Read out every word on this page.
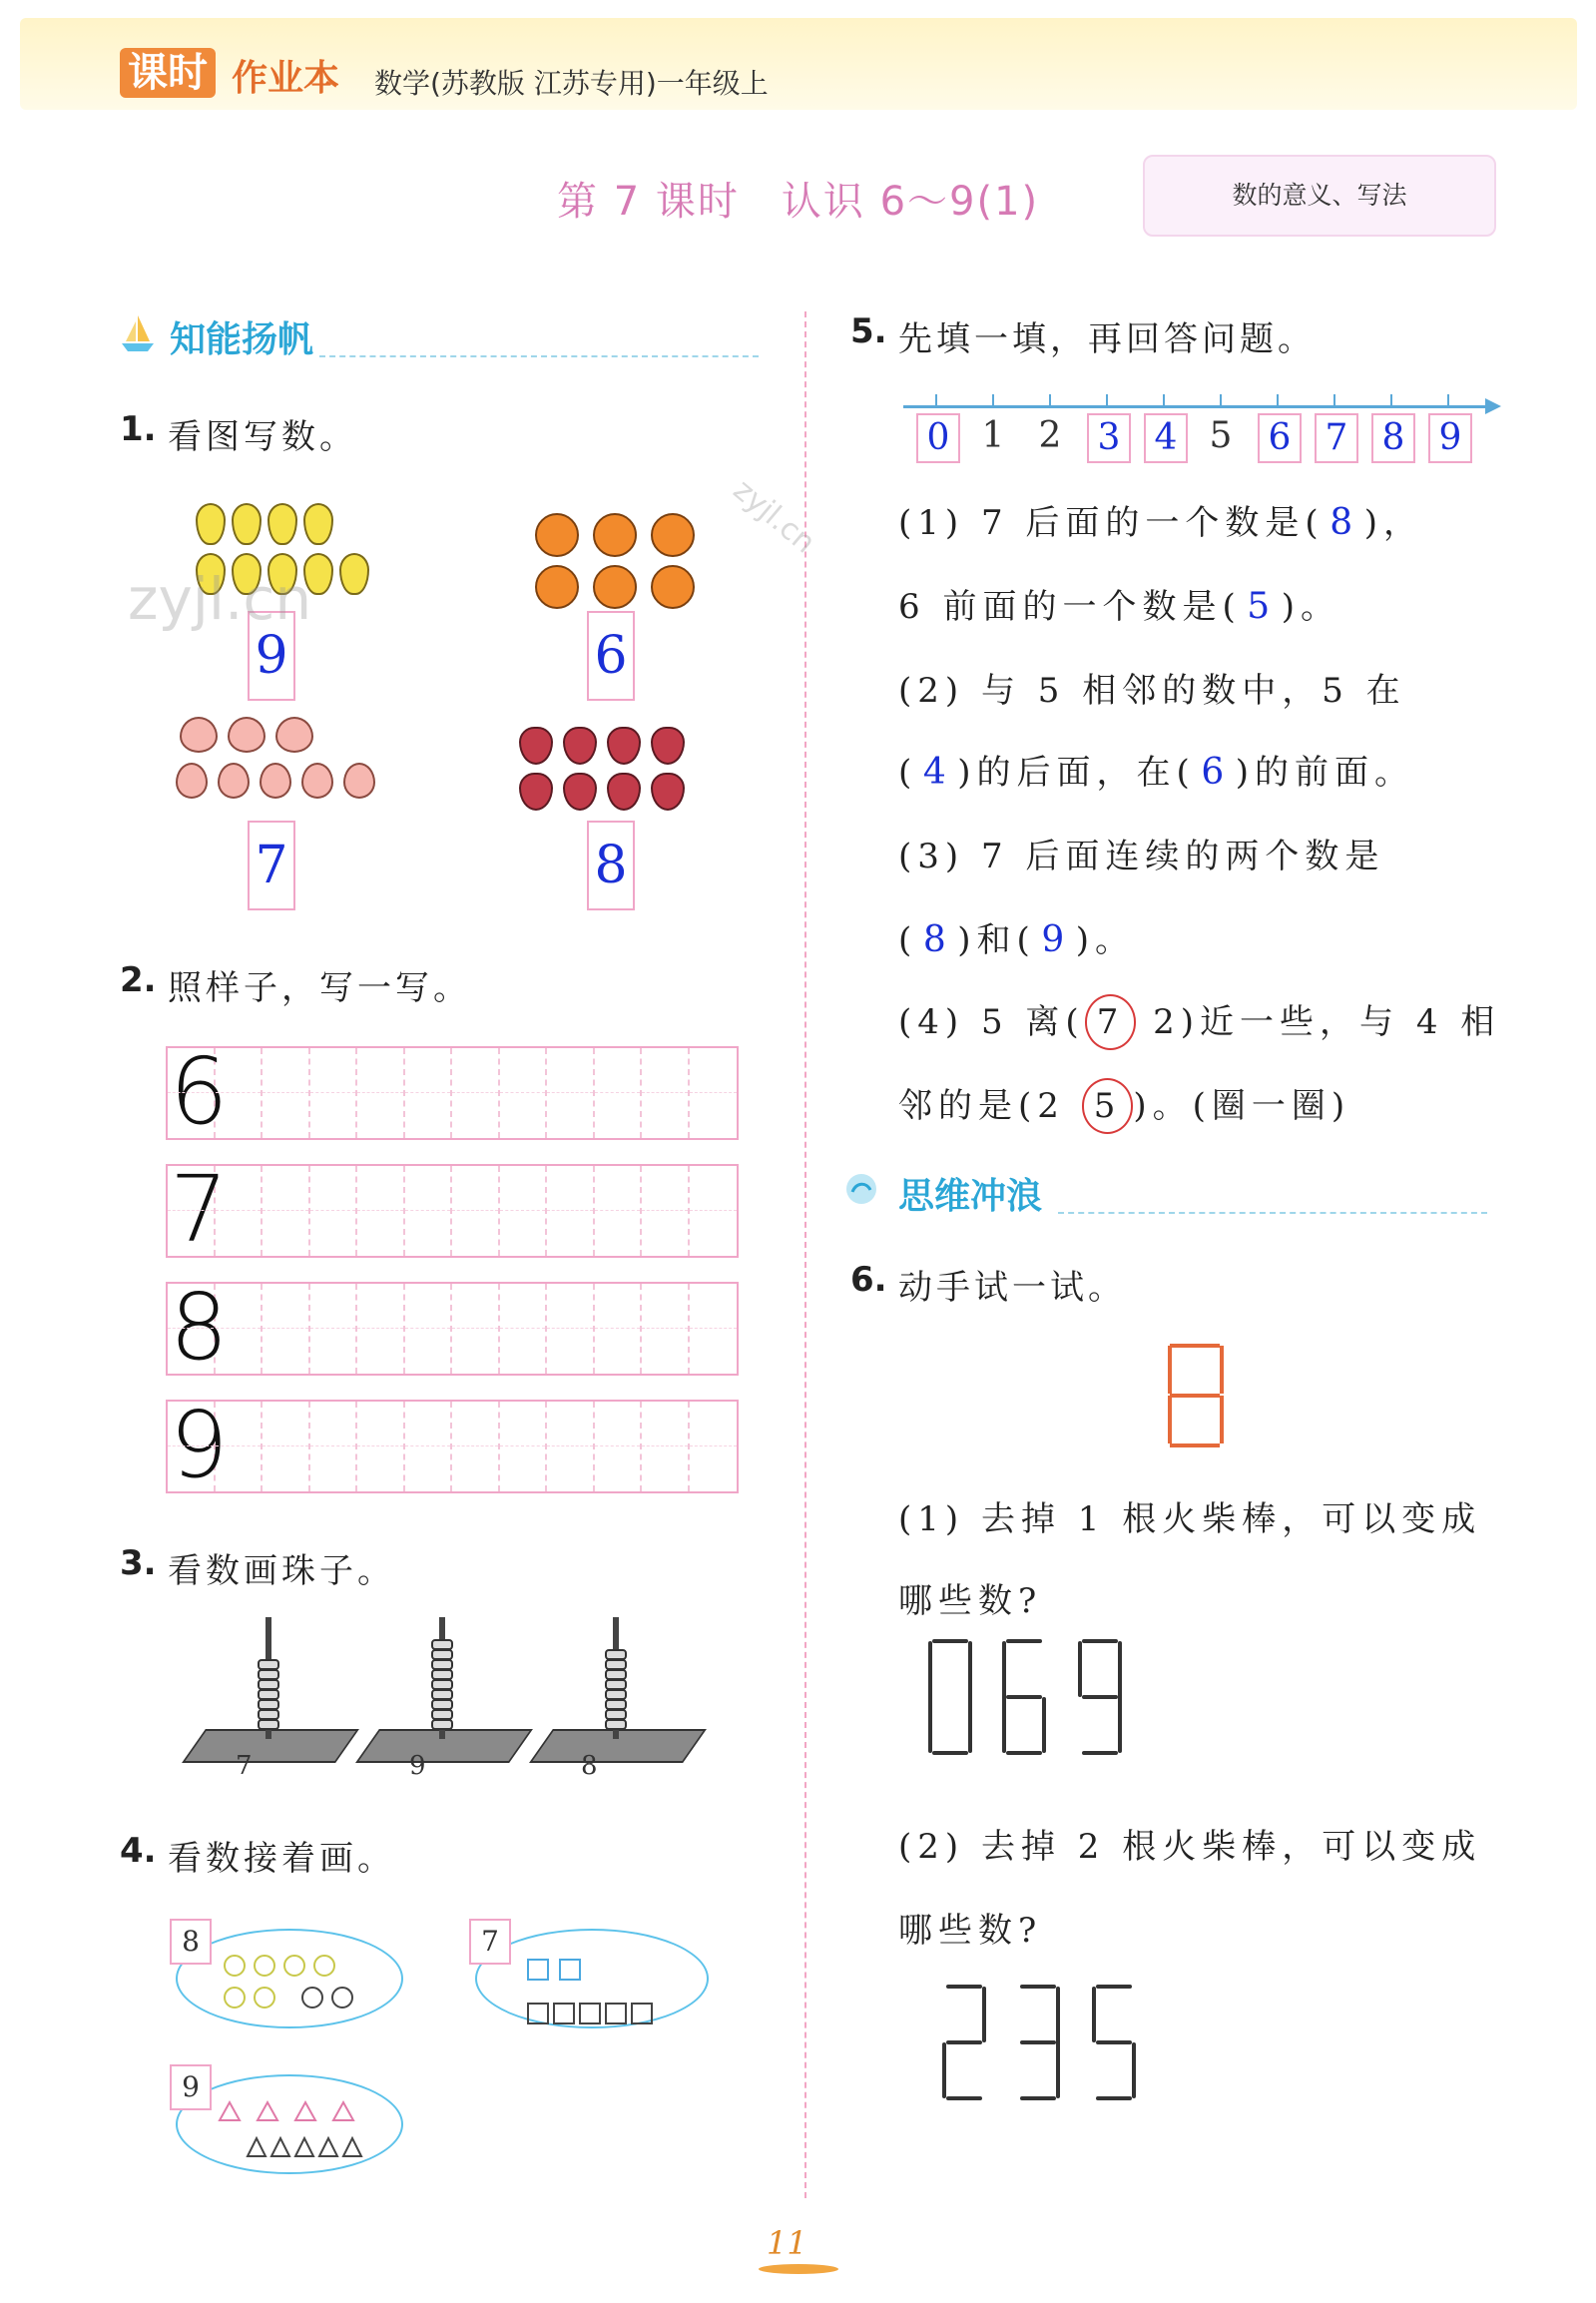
课时 作业本 数学(苏教版 江苏专用)一年级上
第 7 课时　认识 6～9(1)	数的意义、写法
知能扬帆
1. 看图写数。
9	6
7	8
zyjl.cn
zyjl.cn
2. 照样子，写一写。
6
7
8
9
3. 看数画珠子。
7	9	8
4. 看数接着画。
8	7
9
5. 先填一填，再回答问题。
0 1 2 3 4 5 6 7 8 9
(1) 7 后面的一个数是( 8 )，
6 前面的一个数是( 5 )。
(2) 与 5 相邻的数中，5 在
( 4 )的后面，在( 6 )的前面。
(3) 7 后面连续的两个数是
( 8 )和( 9 )。
(4) 5 离( 7 2)近一些，与 4 相
邻的是(2 5 )。(圈一圈)
思维冲浪
6. 动手试一试。
(1) 去掉 1 根火柴棒，可以变成
哪些数?
(2) 去掉 2 根火柴棒，可以变成
哪些数?
11
